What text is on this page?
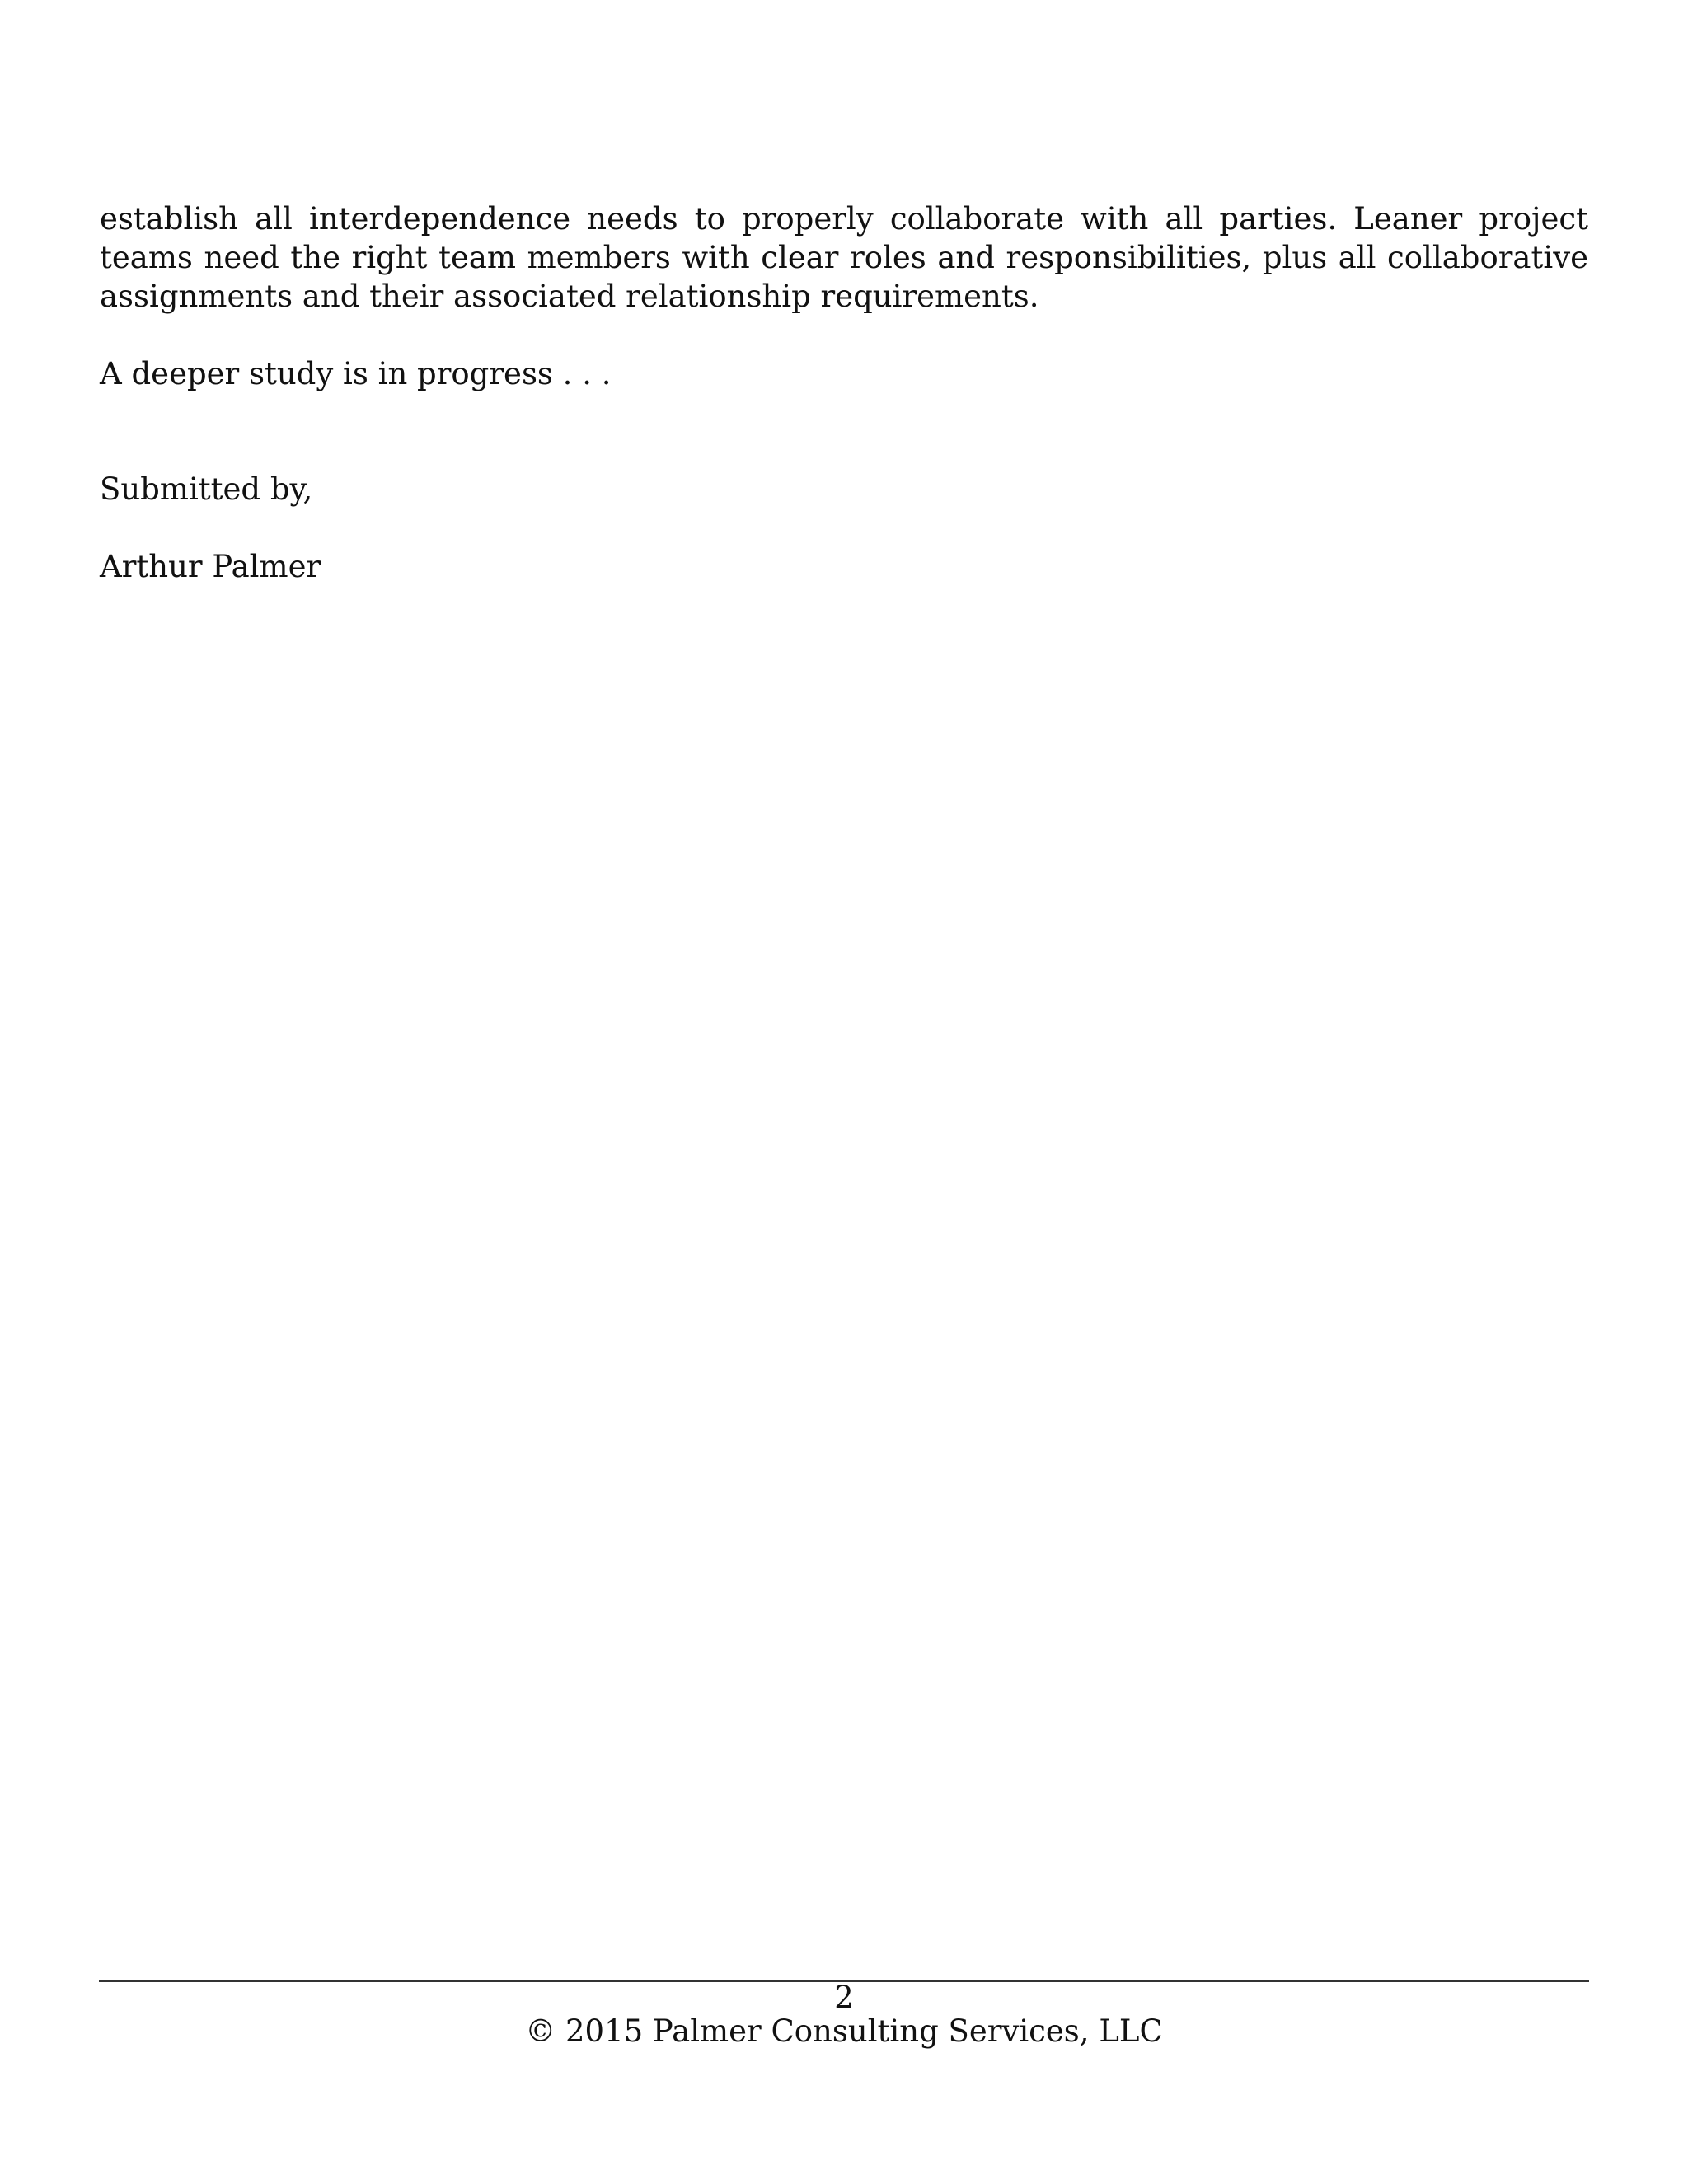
establish all interdependence needs to properly collaborate with all parties. Leaner project teams need the right team members with clear roles and responsibilities, plus all collaborative assignments and their associated relationship requirements.

A deeper study is in progress . . .

Submitted by,

Arthur Palmer

2
© 2015 Palmer Consulting Services, LLC
